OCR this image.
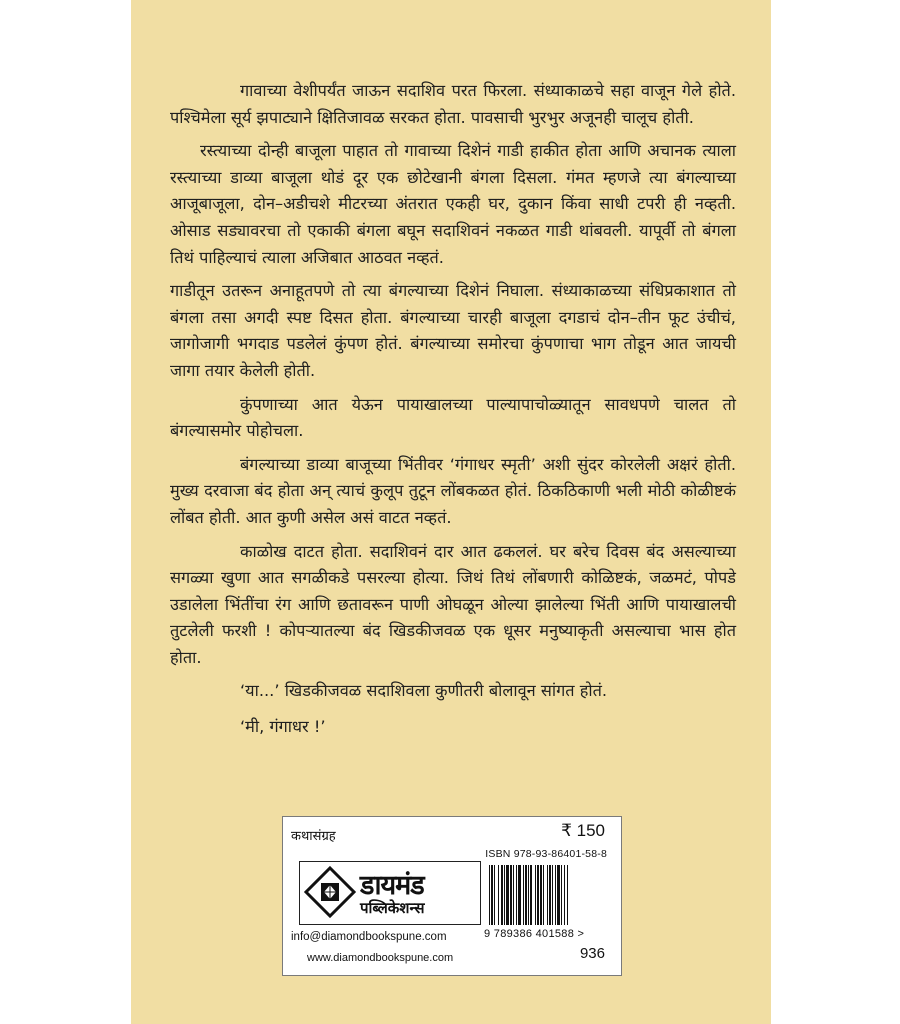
गावाच्या वेशीपर्यंत जाऊन सदाशिव परत फिरला. संध्याकाळचे सहा वाजून गेले होते. पश्चिमेला सूर्य झपाट्याने क्षितिजावळ सरकत होता. पावसाची भुरभुर अजूनही चालूच होती.

रस्त्याच्या दोन्ही बाजूला पाहात तो गावाच्या दिशेनं गाडी हाकीत होता आणि अचानक त्याला रस्त्याच्या डाव्या बाजूला थोडं दूर एक छोटेखानी बंगला दिसला. गंमत म्हणजे त्या बंगल्याच्या आजूबाजूला, दोन–अडीचशे मीटरच्या अंतरात एकही घर, दुकान किंवा साधी टपरी ही नव्हती. ओसाड सड्यावरचा तो एकाकी बंगला बघून सदाशिवनं नकळत गाडी थांबवली. यापूर्वी तो बंगला तिथं पाहिल्याचं त्याला अजिबात आठवत नव्हतं.

गाडीतून उतरून अनाहूतपणे तो त्या बंगल्याच्या दिशेनं निघाला. संध्याकाळच्या संधिप्रकाशात तो बंगला तसा अगदी स्पष्ट दिसत होता. बंगल्याच्या चारही बाजूला दगडाचं दोन–तीन फूट उंचीचं, जागोजागी भगदाड पडलेलं कुंपण होतं. बंगल्याच्या समोरचा कुंपणाचा भाग तोडून आत जायची जागा तयार केलेली होती.

कुंपणाच्या आत येऊन पायाखालच्या पाल्यापाचोळ्यातून सावधपणे चालत तो बंगल्यासमोर पोहोचला.

बंगल्याच्या डाव्या बाजूच्या भिंतीवर ‘गंगाधर स्मृती’ अशी सुंदर कोरलेली अक्षरं होती. मुख्य दरवाजा बंद होता अन् त्याचं कुलूप तुटून लोंबकळत होतं. ठिकठिकाणी भली मोठी कोळीष्टकं लोंबत होती. आत कुणी असेल असं वाटत नव्हतं.

काळोख दाटत होता. सदाशिवनं दार आत ढकललं. घर बरेच दिवस बंद असल्याच्या सगळ्या खुणा आत सगळीकडे पसरल्या होत्या. जिथं तिथं लोंबणारी कोळिष्टकं, जळमटं, पोपडे उडालेला भिंतींचा रंग आणि छतावरून पाणी ओघळून ओल्या झालेल्या भिंती आणि पायाखालची तुटलेली फरशी ! कोपऱ्यातल्या बंद खिडकीजवळ एक धूसर मनुष्याकृती असल्याचा भास होत होता.

‘या...’ खिडकीजवळ सदाशिवला कुणीतरी बोलावून सांगत होतं.

‘मी, गंगाधर !’

कथासंग्रह	₹ 150
ISBN 978-93-86401-58-8
डायमंड
पब्लिकेशन्स
info@diamondbookspune.com
www.diamondbookspune.com
9 789386 401588 >
936
